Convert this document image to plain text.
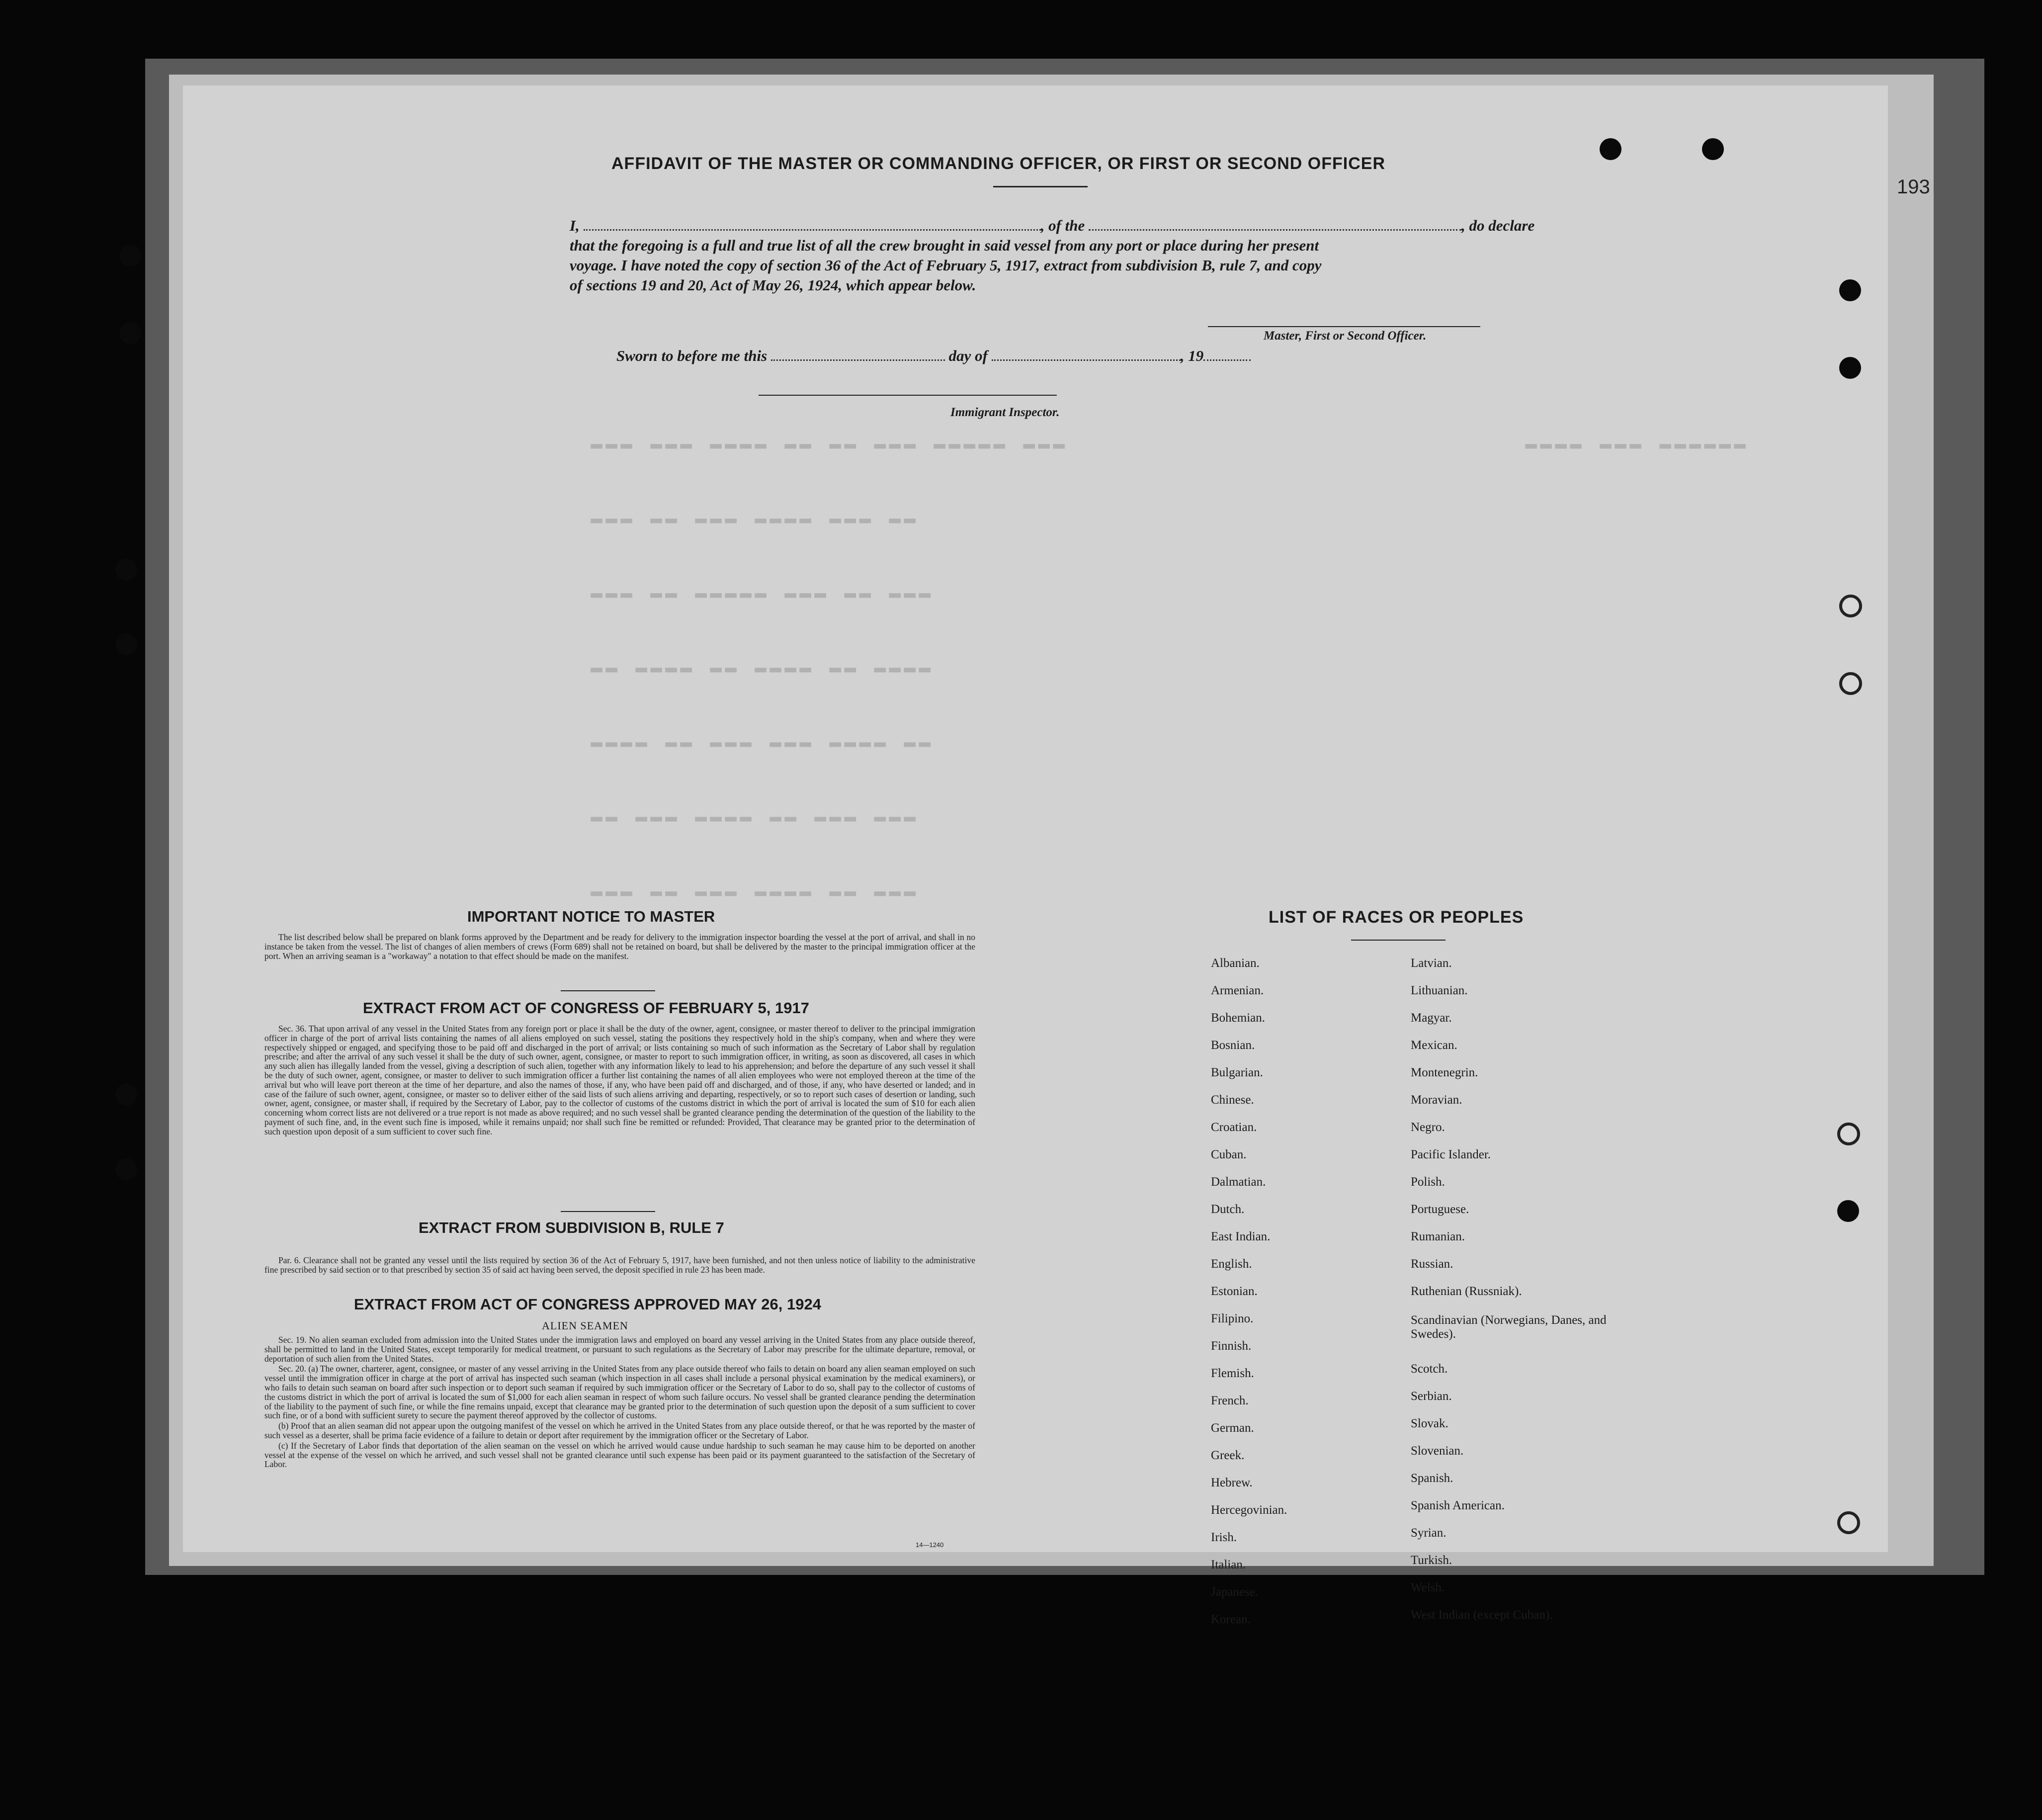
▬▬▬▬ ▬▬▬ ▬▬▬▬▬▬
▬▬▬ ▬▬▬ ▬▬▬▬ ▬▬ ▬▬ ▬▬▬ ▬▬▬▬▬ ▬▬▬
▬▬▬ ▬▬ ▬▬▬ ▬▬▬▬ ▬▬▬ ▬▬
▬▬▬ ▬▬ ▬▬▬▬▬ ▬▬▬ ▬▬ ▬▬▬
▬▬ ▬▬▬▬ ▬▬ ▬▬▬▬ ▬▬ ▬▬▬▬
▬▬▬▬ ▬▬ ▬▬▬ ▬▬▬ ▬▬▬▬ ▬▬
▬▬ ▬▬▬ ▬▬▬▬ ▬▬ ▬▬▬ ▬▬▬
▬▬▬ ▬▬ ▬▬▬ ▬▬▬▬ ▬▬ ▬▬▬
193
AFFIDAVIT OF THE MASTER OR COMMANDING OFFICER, OR FIRST OR SECOND OFFICER
I,	, of the	, do declare
that the foregoing is a full and true list of all the crew brought in said vessel from any port or place during her present
voyage. I have noted the copy of section 36 of the Act of February 5, 1917, extract from subdivision B, rule 7, and copy
of sections 19 and 20, Act of May 26, 1924, which appear below.
Master, First or Second Officer.
Sworn to before me this	day of	, 19
Immigrant Inspector.
IMPORTANT NOTICE TO MASTER

The list described below shall be prepared on blank forms approved by the Department and be ready for delivery to the immigration inspector boarding the vessel at the port of arrival, and shall in no instance be taken from the vessel. The list of changes of alien members of crews (Form 689) shall not be retained on board, but shall be delivered by the master to the principal immigration officer at the port. When an arriving seaman is a "workaway" a notation to that effect should be made on the manifest.

EXTRACT FROM ACT OF CONGRESS OF FEBRUARY 5, 1917

Sec. 36. That upon arrival of any vessel in the United States from any foreign port or place it shall be the duty of the owner, agent, consignee, or master thereof to deliver to the principal immigration officer in charge of the port of arrival lists containing the names of all aliens employed on such vessel, stating the positions they respectively hold in the ship's company, when and where they were respectively shipped or engaged, and specifying those to be paid off and discharged in the port of arrival; or lists containing so much of such information as the Secretary of Labor shall by regulation prescribe; and after the arrival of any such vessel it shall be the duty of such owner, agent, consignee, or master to report to such immigration officer, in writing, as soon as discovered, all cases in which any such alien has illegally landed from the vessel, giving a description of such alien, together with any information likely to lead to his apprehension; and before the departure of any such vessel it shall be the duty of such owner, agent, consignee, or master to deliver to such immigration officer a further list containing the names of all alien employees who were not employed thereon at the time of the arrival but who will leave port thereon at the time of her departure, and also the names of those, if any, who have been paid off and discharged, and of those, if any, who have deserted or landed; and in case of the failure of such owner, agent, consignee, or master so to deliver either of the said lists of such aliens arriving and departing, respectively, or so to report such cases of desertion or landing, such owner, agent, consignee, or master shall, if required by the Secretary of Labor, pay to the collector of customs of the customs district in which the port of arrival is located the sum of $10 for each alien concerning whom correct lists are not delivered or a true report is not made as above required; and no such vessel shall be granted clearance pending the determination of the question of the liability to the payment of such fine, and, in the event such fine is imposed, while it remains unpaid; nor shall such fine be remitted or refunded: Provided, That clearance may be granted prior to the determination of such question upon deposit of a sum sufficient to cover such fine.

EXTRACT FROM SUBDIVISION B, RULE 7

Par. 6. Clearance shall not be granted any vessel until the lists required by section 36 of the Act of February 5, 1917, have been furnished, and not then unless notice of liability to the administrative fine prescribed by said section or to that prescribed by section 35 of said act having been served, the deposit specified in rule 23 has been made.

EXTRACT FROM ACT OF CONGRESS APPROVED MAY 26, 1924
ALIEN SEAMEN

Sec. 19. No alien seaman excluded from admission into the United States under the immigration laws and employed on board any vessel arriving in the United States from any place outside thereof, shall be permitted to land in the United States, except temporarily for medical treatment, or pursuant to such regulations as the Secretary of Labor may prescribe for the ultimate departure, removal, or deportation of such alien from the United States.

Sec. 20. (a) The owner, charterer, agent, consignee, or master of any vessel arriving in the United States from any place outside thereof who fails to detain on board any alien seaman employed on such vessel until the immigration officer in charge at the port of arrival has inspected such seaman (which inspection in all cases shall include a personal physical examination by the medical examiners), or who fails to detain such seaman on board after such inspection or to deport such seaman if required by such immigration officer or the Secretary of Labor to do so, shall pay to the collector of customs of the customs district in which the port of arrival is located the sum of $1,000 for each alien seaman in respect of whom such failure occurs. No vessel shall be granted clearance pending the determination of the liability to the payment of such fine, or while the fine remains unpaid, except that clearance may be granted prior to the determination of such question upon the deposit of a sum sufficient to cover such fine, or of a bond with sufficient surety to secure the payment thereof approved by the collector of customs.

(b) Proof that an alien seaman did not appear upon the outgoing manifest of the vessel on which he arrived in the United States from any place outside thereof, or that he was reported by the master of such vessel as a deserter, shall be prima facie evidence of a failure to detain or deport after requirement by the immigration officer or the Secretary of Labor.

(c) If the Secretary of Labor finds that deportation of the alien seaman on the vessel on which he arrived would cause undue hardship to such seaman he may cause him to be deported on another vessel at the expense of the vessel on which he arrived, and such vessel shall not be granted clearance until such expense has been paid or its payment guaranteed to the satisfaction of the Secretary of Labor.

14—1240
LIST OF RACES OR PEOPLES
Albanian.
Armenian.
Bohemian.
Bosnian.
Bulgarian.
Chinese.
Croatian.
Cuban.
Dalmatian.
Dutch.
East Indian.
English.
Estonian.
Filipino.
Finnish.
Flemish.
French.
German.
Greek.
Hebrew.
Hercegovinian.
Irish.
Italian.
Japanese.
Korean.
Latvian.
Lithuanian.
Magyar.
Mexican.
Montenegrin.
Moravian.
Negro.
Pacific Islander.
Polish.
Portuguese.
Rumanian.
Russian.
Ruthenian (Russniak).
Scandinavian (Norwegians, Danes, and Swedes).
Scotch.
Serbian.
Slovak.
Slovenian.
Spanish.
Spanish American.
Syrian.
Turkish.
Welsh.
West Indian (except Cuban).
